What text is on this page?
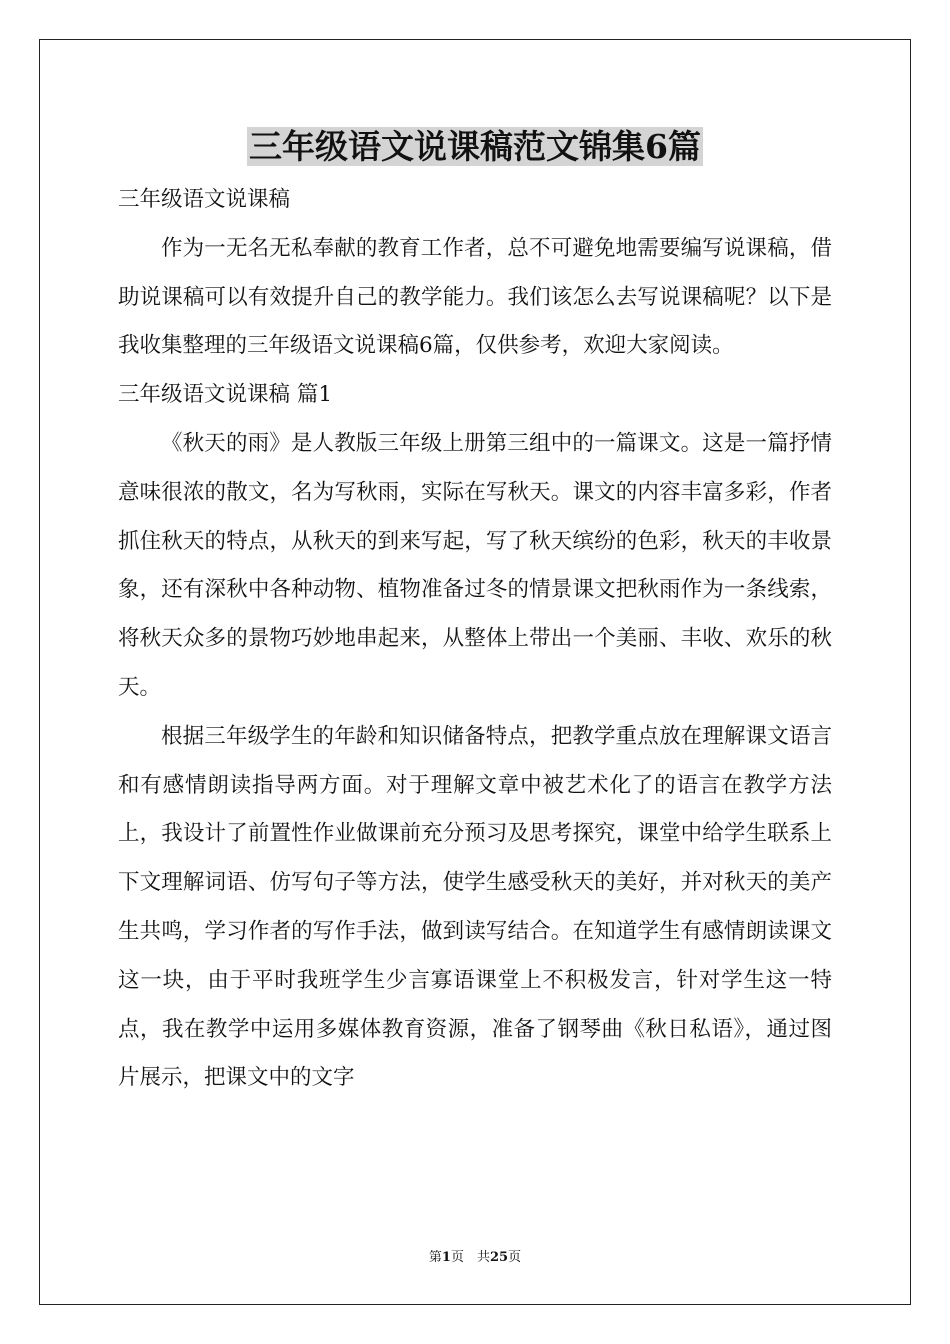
三年级语文说课稿范文锦集6篇

三年级语文说课稿

作为一无名无私奉献的教育工作者，总不可避免地需要编写说课稿，借助说课稿可以有效提升自己的教学能力。我们该怎么去写说课稿呢？以下是我收集整理的三年级语文说课稿6篇，仅供参考，欢迎大家阅读。

三年级语文说课稿 篇1

《秋天的雨》是人教版三年级上册第三组中的一篇课文。这是一篇抒情意味很浓的散文，名为写秋雨，实际在写秋天。课文的内容丰富多彩，作者抓住秋天的特点，从秋天的到来写起，写了秋天缤纷的色彩，秋天的丰收景象，还有深秋中各种动物、植物准备过冬的情景课文把秋雨作为一条线索，将秋天众多的景物巧妙地串起来，从整体上带出一个美丽、丰收、欢乐的秋天。

根据三年级学生的年龄和知识储备特点，把教学重点放在理解课文语言和有感情朗读指导两方面。对于理解文章中被艺术化了的语言在教学方法上，我设计了前置性作业做课前充分预习及思考探究，课堂中给学生联系上下文理解词语、仿写句子等方法，使学生感受秋天的美好，并对秋天的美产生共鸣，学习作者的写作手法，做到读写结合。在知道学生有感情朗读课文这一块，由于平时我班学生少言寡语课堂上不积极发言，针对学生这一特点，我在教学中运用多媒体教育资源，准备了钢琴曲《秋日私语》，通过图片展示，把课文中的文字

第1页　共25页
